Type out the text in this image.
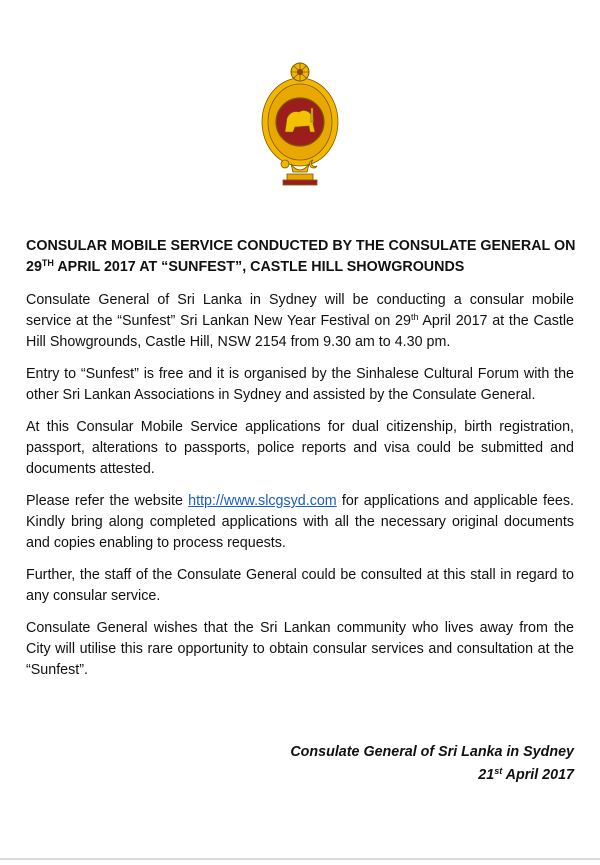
CONSULAR MOBILE SERVICE CONDUCTED BY THE CONSULATE GENERAL ON
29TH APRIL 2017 AT “SUNFEST”, CASTLE HILL SHOWGROUNDS

Consulate General of Sri Lanka in Sydney will be conducting a consular mobile service at the “Sunfest” Sri Lankan New Year Festival on 29th April 2017 at the Castle Hill Showgrounds, Castle Hill, NSW 2154 from 9.30 am to 4.30 pm.

Entry to “Sunfest” is free and it is organised by the Sinhalese Cultural Forum with the other Sri Lankan Associations in Sydney and assisted by the Consulate General.

At this Consular Mobile Service applications for dual citizenship, birth registration, passport, alterations to passports, police reports and visa could be submitted and documents attested.

Please refer the website http://www.slcgsyd.com for applications and applicable fees. Kindly bring along completed applications with all the necessary original documents and copies enabling to process requests.

Further, the staff of the Consulate General could be consulted at this stall in regard to any consular service.

Consulate General wishes that the Sri Lankan community who lives away from the City will utilise this rare opportunity to obtain consular services and consultation at the “Sunfest”.

Consulate General of Sri Lanka in Sydney
21st April 2017
